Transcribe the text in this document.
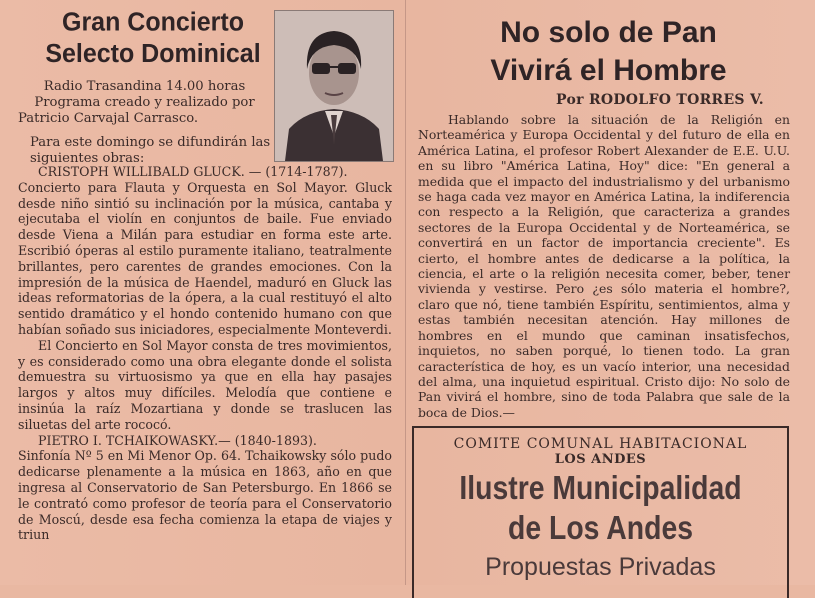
Gran Concierto
Selecto Dominical

Radio Trasandina 14.00 horas

Programa creado y realizado por

Patricio Carvajal Carrasco.

Para este domingo se difundirán las siguientes obras:

CRISTOPH WILLIBALD GLUCK. — (1714-1787).

Concierto para Flauta y Orquesta en Sol Mayor. Gluck desde niño sintió su inclinación por la música, cantaba y ejecutaba el violín en conjuntos de baile. Fue enviado desde Viena a Milán para estudiar en forma este arte. Escribió óperas al estilo puramente italiano, teatralmente brillantes, pero carentes de grandes emociones. Con la impresión de la música de Haendel, maduró en Gluck las ideas reformatorias de la ópera, a la cual restituyó el alto sentido dramático y el hondo contenido humano con que habían soñado sus iniciadores, especialmente Monteverdi.

El Concierto en Sol Mayor consta de tres movimientos, y es considerado como una obra elegante donde el solista demuestra su virtuosismo ya que en ella hay pasajes largos y altos muy difíciles. Melodía que contiene e insinúa la raíz Mozartiana y donde se traslucen las siluetas del arte rococó.

PIETRO I. TCHAIKOWASKY.— (1840-1893).

Sinfonía Nº 5 en Mi Menor Op. 64. Tchaikowsky sólo pudo dedicarse plenamente a la música en 1863, año en que ingresa al Conservatorio de San Petersburgo. En 1866 se le contrató como profesor de teoría para el Conservatorio de Moscú, desde esa fecha comienza la etapa de viajes y triun

No solo de Pan
Vivirá el Hombre
Por RODOLFO TORRES V.

Hablando sobre la situación de la Religión en Norteamérica y Europa Occidental y del futuro de ella en América Latina, el profesor Robert Alexander de E.E. U.U. en su libro "América Latina, Hoy" dice: "En general a medida que el impacto del industrialismo y del urbanismo se haga cada vez mayor en América Latina, la indiferencia con respecto a la Religión, que caracteriza a grandes sectores de la Europa Occidental y de Norteamérica, se convertirá en un factor de importancia creciente". Es cierto, el hombre antes de dedicarse a la política, la ciencia, el arte o la religión necesita comer, beber, tener vivienda y vestirse. Pero ¿es sólo materia el hombre?, claro que nó, tiene también Espíritu, sentimientos, alma y estas también necesitan atención. Hay millones de hombres en el mundo que caminan insatisfechos, inquietos, no saben porqué, lo tienen todo. La gran característica de hoy, es un vacío interior, una necesidad del alma, una inquietud espiritual. Cristo dijo: No solo de Pan vivirá el hombre, sino de toda Palabra que sale de la boca de Dios.—

COMITE COMUNAL HABITACIONAL
LOS ANDES
Ilustre Municipalidad
de Los Andes
Propuestas Privadas
